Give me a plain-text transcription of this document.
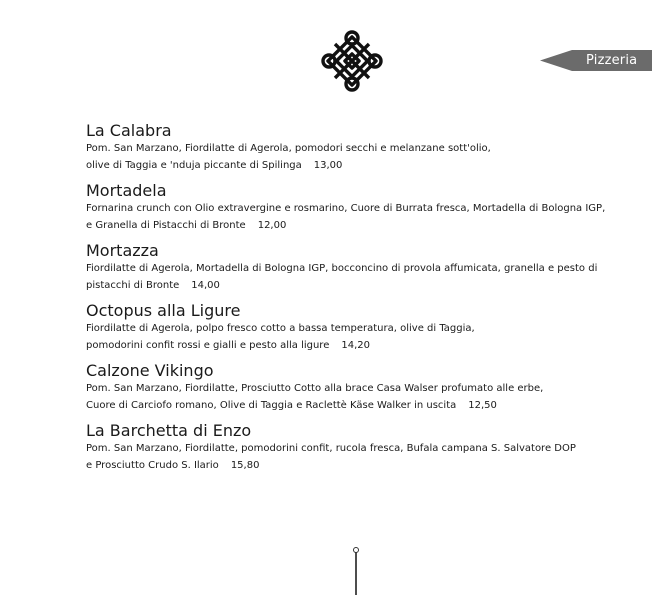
Pizzeria
La Calabra

Pom. San Marzano, Fiordilatte di Agerola, pomodori secchi e melanzane sott'olio,

olive di Taggia e 'nduja piccante di Spilinga 13,00

Mortadela

Fornarina crunch con Olio extravergine e rosmarino, Cuore di Burrata fresca, Mortadella di Bologna IGP,

e Granella di Pistacchi di Bronte 12,00

Mortazza

Fiordilatte di Agerola, Mortadella di Bologna IGP, bocconcino di provola affumicata, granella e pesto di

pistacchi di Bronte 14,00

Octopus alla Ligure

Fiordilatte di Agerola, polpo fresco cotto a bassa temperatura, olive di Taggia,

pomodorini confit rossi e gialli e pesto alla ligure 14,20

Calzone Vikingo

Pom. San Marzano, Fiordilatte, Prosciutto Cotto alla brace Casa Walser profumato alle erbe,

Cuore di Carciofo romano, Olive di Taggia e Raclettè Käse Walker in uscita 12,50

La Barchetta di Enzo

Pom. San Marzano, Fiordilatte, pomodorini confit, rucola fresca, Bufala campana S. Salvatore DOP

e Prosciutto Crudo S. Ilario 15,80
